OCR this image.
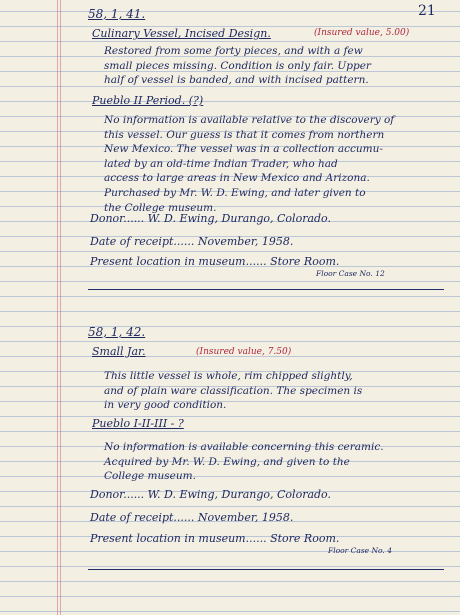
21
58, 1, 41.
Culinary Vessel, Incised Design.	(Insured value, 5.00)
Restored from some forty pieces, and with a few
small pieces missing. Condition is only fair. Upper
half of vessel is banded, and with incised pattern.
Pueblo II Period. (?)
No information is available relative to the discovery of
this vessel. Our guess is that it comes from northern
New Mexico. The vessel was in a collection accumu-
lated by an old-time Indian Trader, who had
access to large areas in New Mexico and Arizona.
Purchased by Mr. W. D. Ewing, and later given to
the College museum.
Donor...... W. D. Ewing, Durango, Colorado.
Date of receipt...... November, 1958.
Present location in museum...... Store Room.
Floor Case No. 12
58, 1, 42.
Small Jar.	(Insured value, 7.50)
This little vessel is whole, rim chipped slightly,
and of plain ware classification. The specimen is
in very good condition.
Pueblo I-II-III - ?
No information is available concerning this ceramic.
Acquired by Mr. W. D. Ewing, and given to the
College museum.
Donor...... W. D. Ewing, Durango, Colorado.
Date of receipt...... November, 1958.
Present location in museum...... Store Room.
Floor Case No. 4
